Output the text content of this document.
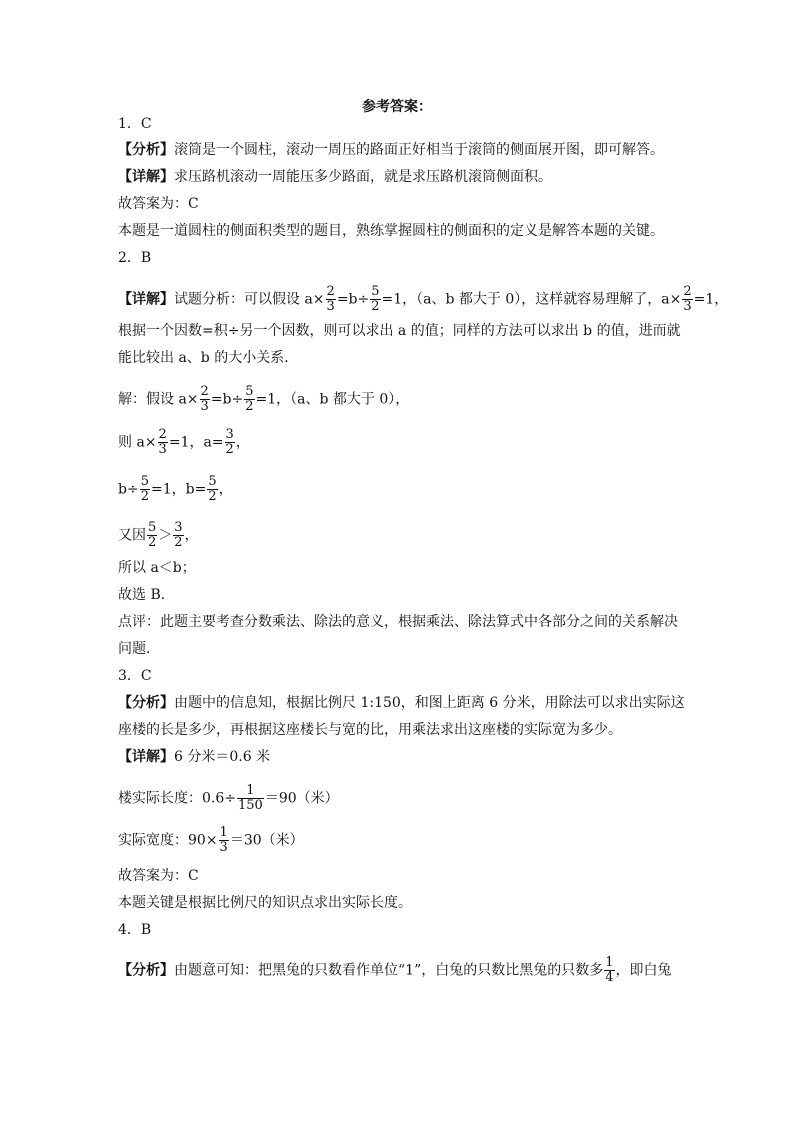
参考答案：
1．C
【分析】滚筒是一个圆柱，滚动一周压的路面正好相当于滚筒的侧面展开图，即可解答。
【详解】求压路机滚动一周能压多少路面，就是求压路机滚筒侧面积。
故答案为：C
本题是一道圆柱的侧面积类型的题目，熟练掌握圆柱的侧面积的定义是解答本题的关键。
2．B
【详解】试题分析：可以假设 $a\times \frac{2}{3} =b\div \frac{5}{2} =1$，（a、b 都大于 0），这样就容易理解了，$a\times \frac{2}{3} =1$，
根据一个因数=积÷另一个因数，则可以求出 a 的值；同样的方法可以求出 b 的值，进而就
能比较出 a、b 的大小关系．
解：假设 $a\times \frac{2}{3} =b\div \frac{5}{2} =1$，（a、b 都大于 0），
则 $a\times \frac{2}{3} =1$，$a= \frac{3}{2}$ ，
$b\div \frac{5}{2} =1$，$b= \frac{5}{2}$ ，
又因 $\frac{5}{2} > \frac{3}{2}$ ，
所以 a＜b；
故选 B．
点评：此题主要考查分数乘法、除法的意义，根据乘法、除法算式中各部分之间的关系解决
问题．
3．C
【分析】由题中的信息知，根据比例尺 1:150，和图上距离 6 分米，用除法可以求出实际这
座楼的长是多少，再根据这座楼长与宽的比，用乘法求出这座楼的实际宽为多少。
【详解】6 分米＝0.6 米
楼实际长度：$0.6\div \frac{1}{150} =90$（米）
实际宽度：$90\times \frac{1}{3} =30$（米）
故答案为：C
本题关键是根据比例尺的知识点求出实际长度。
4．B
【分析】由题意可知：把黑兔的只数看作单位“1”，白兔的只数比黑兔的只数多 $\frac{1}{4}$ ，即白兔
